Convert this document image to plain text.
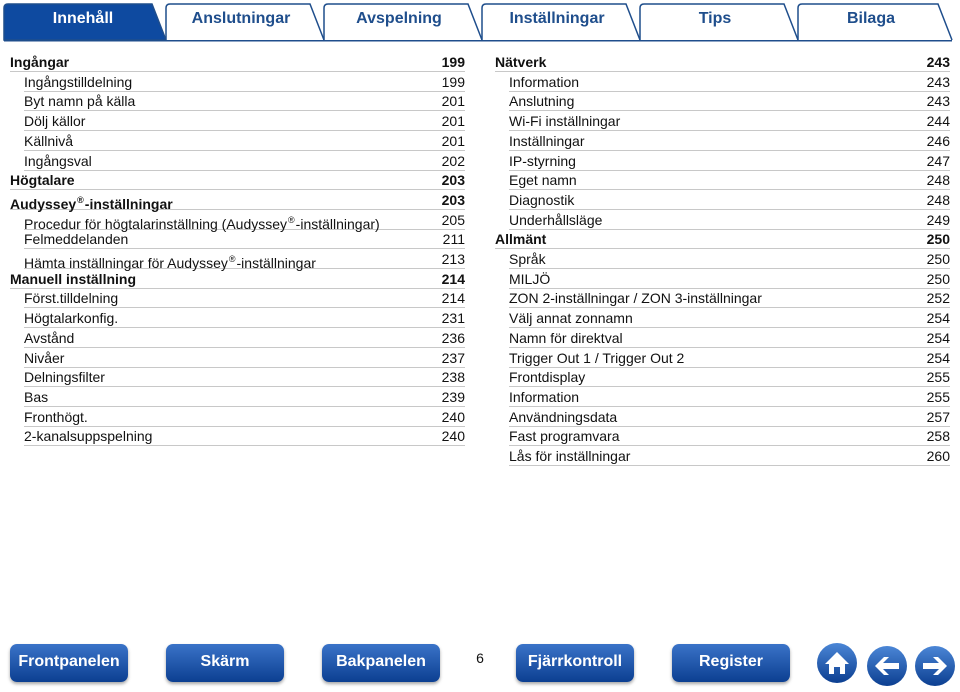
Innehåll	Anslutningar	Avspelning	Inställningar	Tips	Bilaga
Ingångar	199
Ingångstilldelning	199
Byt namn på källa	201
Dölj källor	201
Källnivå	201
Ingångsval	202
Högtalare	203
Audyssey®-inställningar	203
Procedur för högtalarinställning (Audyssey®-inställningar)	205
Felmeddelanden	211
Hämta inställningar för Audyssey®-inställningar	213
Manuell inställning	214
Först.tilldelning	214
Högtalarkonfig.	231
Avstånd	236
Nivåer	237
Delningsfilter	238
Bas	239
Fronthögt.	240
2-kanalsuppspelning	240
Nätverk	243
Information	243
Anslutning	243
Wi-Fi inställningar	244
Inställningar	246
IP-styrning	247
Eget namn	248
Diagnostik	248
Underhållsläge	249
Allmänt	250
Språk	250
MILJÖ	250
ZON 2-inställningar / ZON 3-inställningar	252
Välj annat zonnamn	254
Namn för direktval	254
Trigger Out 1 / Trigger Out 2	254
Frontdisplay	255
Information	255
Användningsdata	257
Fast programvara	258
Lås för inställningar	260
Frontpanelen	Skärm	Bakpanelen	6	Fjärrkontroll	Register
